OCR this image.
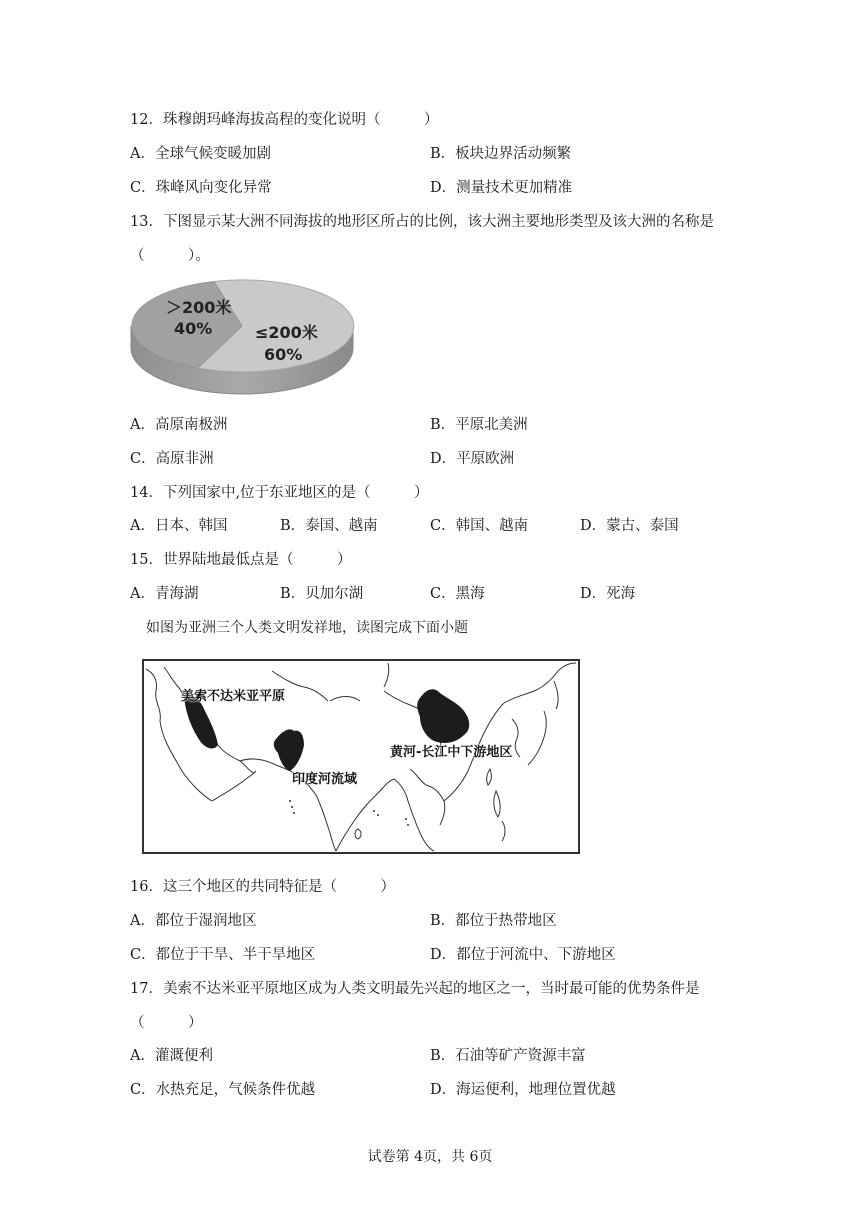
12．珠穆朗玛峰海拔高程的变化说明（　　　）
A．全球气候变暖加剧	B．板块边界活动频繁
C．珠峰风向变化异常	D．测量技术更加精准
13．下图显示某大洲不同海拔的地形区所占的比例，该大洲主要地形类型及该大洲的名称是
（　　　）。
＞200米
40%	≤200米
60%
A．高原南极洲	B．平原北美洲
C．高原非洲	D．平原欧洲
14．下列国家中,位于东亚地区的是（　　　）
A．日本、韩国	B．泰国、越南	C．韩国、越南	D．蒙古、泰国
15．世界陆地最低点是（　　　）
A．青海湖	B．贝加尔湖	C．黑海	D．死海
如图为亚洲三个人类文明发祥地，读图完成下面小题
美索不达米亚平原
印度河流域
黄河-长江中下游地区
16．这三个地区的共同特征是（　　　）
A．都位于湿润地区	B．都位于热带地区
C．都位于干旱、半干旱地区	D．都位于河流中、下游地区
17．美索不达米亚平原地区成为人类文明最先兴起的地区之一，当时最可能的优势条件是
（　　　）
A．灌溉便利	B．石油等矿产资源丰富
C．水热充足，气候条件优越	D．海运便利，地理位置优越
试卷第 4页，共 6页
